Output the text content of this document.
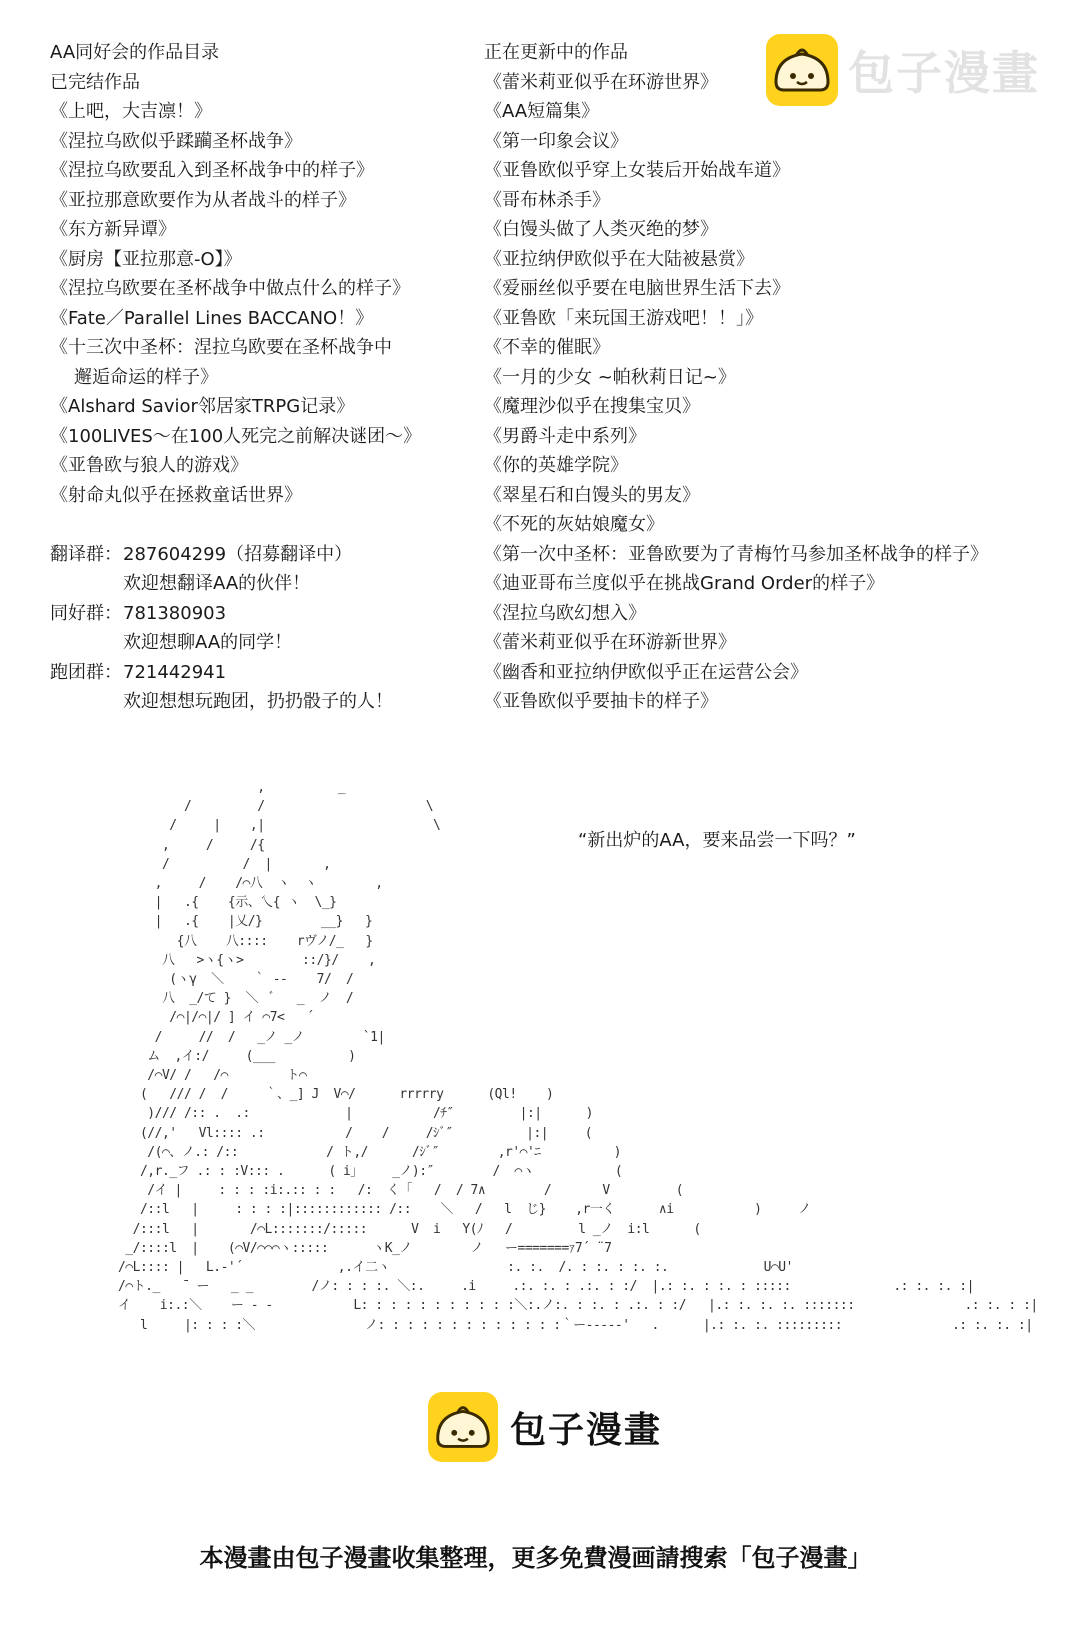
AA同好会的作品目录
已完结作品
《上吧，大吉凛！》
《涅拉乌欧似乎蹂躏圣杯战争》
《涅拉乌欧要乱入到圣杯战争中的样子》
《亚拉那意欧要作为从者战斗的样子》
《东方新异谭》
《厨房【亚拉那意-O】》
《涅拉乌欧要在圣杯战争中做点什么的样子》
《Fate／Parallel Lines BACCANO！》
《十三次中圣杯：涅拉乌欧要在圣杯战争中
邂逅命运的样子》
《Alshard Savior邻居家TRPG记录》
《100LIVES～在100人死完之前解决谜团～》
《亚鲁欧与狼人的游戏》
《射命丸似乎在拯救童话世界》
翻译群：287604299（招募翻译中）
欢迎想翻译AA的伙伴！
同好群：781380903
欢迎想聊AA的同学！
跑团群：721442941
欢迎想想玩跑团，扔扔骰子的人！
正在更新中的作品
《蕾米莉亚似乎在环游世界》
《AA短篇集》
《第一印象会议》
《亚鲁欧似乎穿上女装后开始战车道》
《哥布林杀手》
《白馒头做了人类灭绝的梦》
《亚拉纳伊欧似乎在大陆被悬赏》
《爱丽丝似乎要在电脑世界生活下去》
《亚鲁欧「来玩国王游戏吧！！」》
《不幸的催眠》
《一月的少女 ~帕秋莉日记~》
《魔理沙似乎在搜集宝贝》
《男爵斗走中系列》
《你的英雄学院》
《翠星石和白馒头的男友》
《不死的灰姑娘魔女》
《第一次中圣杯：亚鲁欧要为了青梅竹马参加圣杯战争的样子》
《迪亚哥布兰度似乎在挑战Grand Order的样子》
《涅拉乌欧幻想入》
《蕾米莉亚似乎在环游新世界》
《幽香和亚拉纳伊欧似乎正在运营公会》
《亚鲁欧似乎要抽卡的样子》
包子漫畫
“新出炉的AA，要来品尝一下吗？”
,          _
/         /                      \
/     |    ,|                       \
,     /     /{
/          /  |       ,
,     /    /⌒八  ヽ  ヽ        ,
|   .{    {示、乀{ ヽ  \_}
|   .{    |乂/}        __}   }
{八    八::::    rヴノ/_   }
八   >ヽ{ヽ>        ::/}/    ,
(ヽγ  ＼    ｀ --    7/  /
八  _/て }  ＼  ﾞ   _  ノ  /
/⌒|/⌒|/ ] イ ⌒7<   ´
/     //  /   _ノ _ノ        `1|
ム  ,イ:/     (___          )
/⌒V/ /   /⌒        ト⌒
(   /// /  /     ｀、_] J  V⌒/      rrrrry      (Ql!    )
)/// /:: .  .:             |           /ﾁ″         |:|      )
(//,'   Vl:::: .:           /    /     /ｼﾞ″          |:|     (
/(⌒、ノ.: /::            / ト,/      /ｼﾞ″        ,r'⌒'ﾆ          )
/,r._フ .: : :V::: .      ( i」    _ノ):″        /  ⌒ヽ           (
/イ |     : : : :i:.:: : :   /:  く「   /  / 7∧        /       V         (
/::l   |     : : : :|:::::::::::: /::    ＼   /   l  じ}    ,r一く      ∧i           )     ノ
/:::l   |       /⌒L:::::::/:::::      V  i   Y(ﾉ   /         l _ノ  i:l      (
_/::::l  |    (⌒V/⌒⌒⌒ヽ:::::      ヽK_ノ        ノ   ー=======ｧ7´ ¨7
/⌒L:::: |   L.-'´             ,.イ二ヽ                :. :.  /. : :. : :. :.             U⌒U'
/⌒ト._   ̄  ー   _ _        /ノ: : : :. ＼:.     .i     .:. :. : .:. : :/  |.: :. : :. : :::::              .: :. :. :|
イ    i:.:＼    ー ‐ ‐           L: : : : : : : : : : :＼:.ノ:. : :. : .:. : :/   |.: :. :. :. :::::::               .: :. : :|
l     |: : : :＼               ノ: : : : : : : : : : : : :｀ー----‐'   .      |.: :. :. :::::::::               .: :. :. :|
包子漫畫
本漫畫由包子漫畫收集整理，更多免費漫画請搜索「包子漫畫」
